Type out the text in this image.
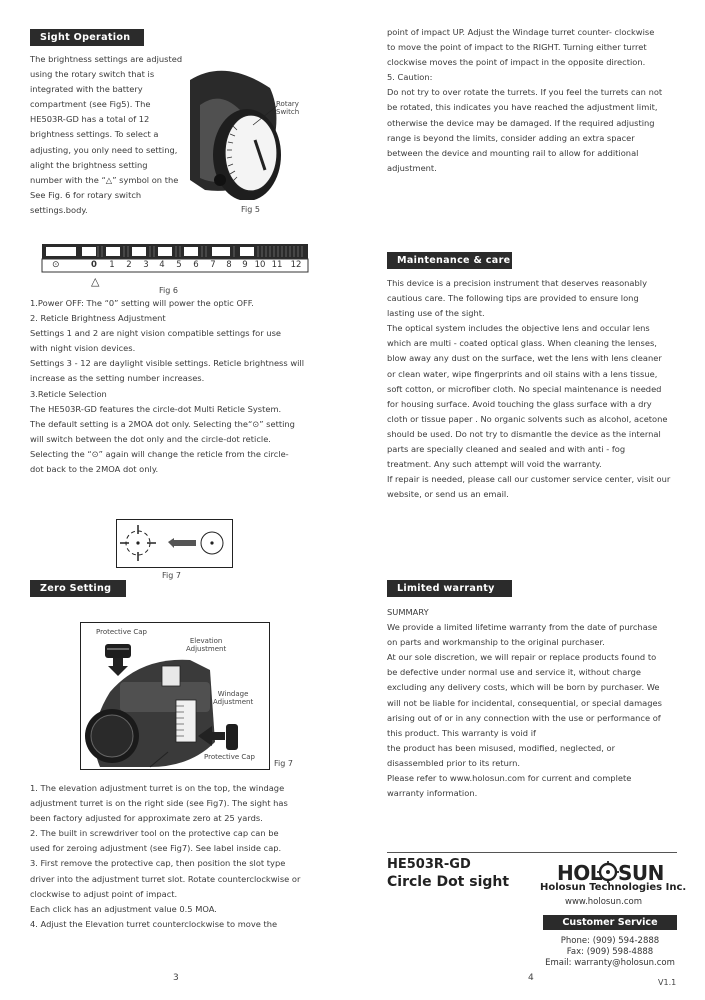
Sight Operation
The brightness settings are adjusted
using the rotary switch that is
integrated with the battery
compartment (see Fig5). The
HE503R-GD has a total of 12
brightness settings. To select a
adjusting, you only need to setting,
alight the brightness setting
number with the “△” symbol on the
See Fig. 6 for rotary switch
settings.body.
Rotary
Switch
Fig 5
⊙	0 1 2 3 4 5 6 7 8 9 10 11 12
△
Fig 6
1.Power OFF: The “0” setting will power the optic OFF.
2. Reticle Brightness Adjustment
Settings 1 and 2 are night vision compatible settings for use
with night vision devices.
Settings 3 - 12 are daylight visible settings. Reticle brightness will
increase as the setting number increases.
3.Reticle Selection
The HE503R-GD features the circle-dot Multi Reticle System.
The default setting is a 2MOA dot only. Selecting the“⊙” setting
will switch between the dot only and the circle-dot reticle.
Selecting the “⊙” again will change the reticle from the circle-
dot back to the 2MOA dot only.
Fig 7
Zero Setting
Protective Cap
Elevation
Adjustment
Windage
Adjustment
Protective Cap
Fig 7
1. The elevation adjustment turret is on the top, the windage
adjustment turret is on the right side (see Fig7). The sight has
been factory adjusted for approximate zero at 25 yards.
2. The built in screwdriver tool on the protective cap can be
used for zeroing adjustment (see Fig7). See label inside cap.
3. First remove the protective cap, then position the slot type
driver into the adjustment turret slot. Rotate counterclockwise or
clockwise to adjust point of impact.
Each click has an adjustment value 0.5 MOA.
4. Adjust the Elevation turret counterclockwise to move the
3
point of impact UP. Adjust the Windage turret counter- clockwise
to move the point of impact to the RIGHT. Turning either turret
clockwise moves the point of impact in the opposite direction.
5. Caution:
Do not try to over rotate the turrets. If you feel the turrets can not
be rotated, this indicates you have reached the adjustment limit,
otherwise the device may be damaged. If the required adjusting
range is beyond the limits, consider adding an extra spacer
between the device and mounting rail to allow for additional
adjustment.
Maintenance & care
This device is a precision instrument that deserves reasonably
cautious care. The following tips are provided to ensure long
lasting use of the sight.
The optical system includes the objective lens and occular lens
which are multi - coated optical glass. When cleaning the lenses,
blow away any dust on the surface, wet the lens with lens cleaner
or clean water, wipe fingerprints and oil stains with a lens tissue,
soft cotton, or microfiber cloth. No special maintenance is needed
for housing surface. Avoid touching the glass surface with a dry
cloth or tissue paper . No organic solvents such as alcohol, acetone
should be used. Do not try to dismantle the device as the internal
parts are specially cleaned and sealed and with anti - fog
treatment. Any such attempt will void the warranty.
If repair is needed, please call our customer service center, visit our
website, or send us an email.
Limited warranty
SUMMARY
We provide a limited lifetime warranty from the date of purchase
on parts and workmanship to the original purchaser.
At our sole discretion, we will repair or replace products found to
be defective under normal use and service it, without charge
excluding any delivery costs, which will be born by purchaser. We
will not be liable for incidental, consequential, or special damages
arising out of or in any connection with the use or performance of
this product. This warranty is void if
the product has been misused, modified, neglected, or
disassembled prior to its return.
Please refer to www.holosun.com for current and complete
warranty information.
HE503R-GD
Circle Dot sight HOL SUN
Holosun Technologies Inc.
www.holosun.com
Customer Service
Phone: (909) 594-2888
Fax: (909) 598-4888
Email: warranty@holosun.com
4	V1.1
